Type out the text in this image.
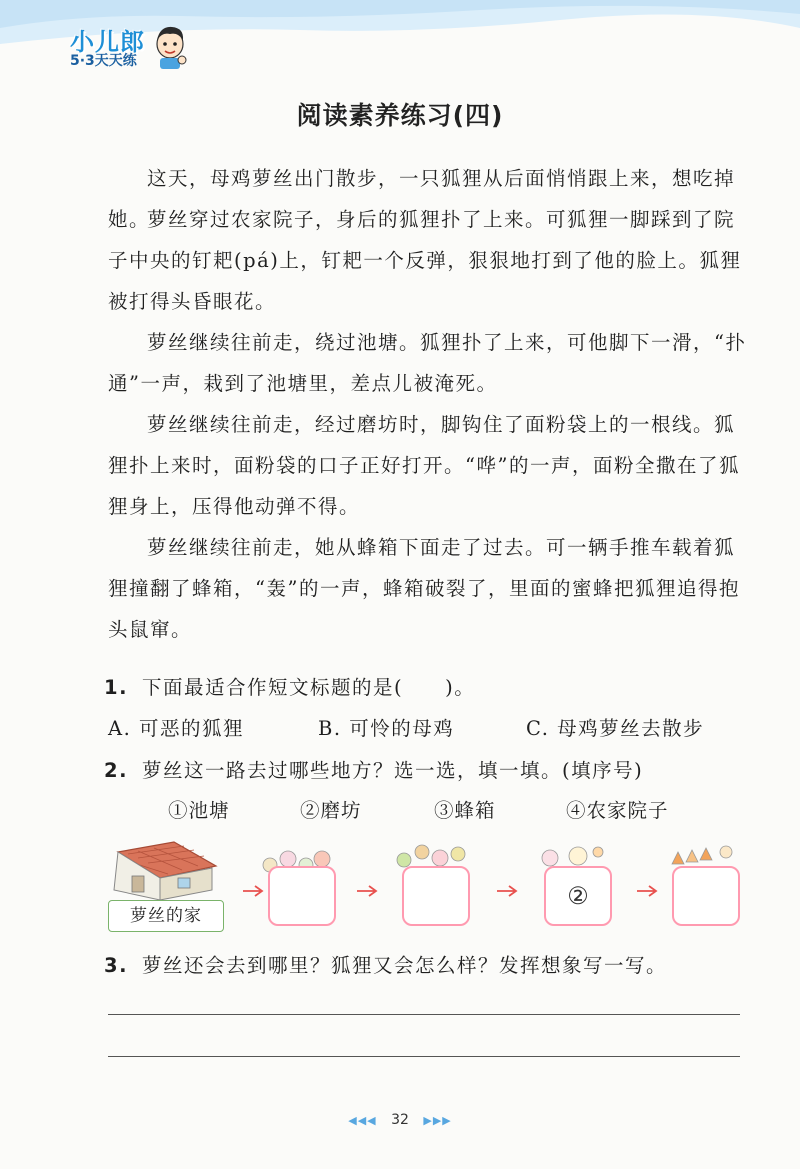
小儿郎
5·3天天练
阅读素养练习(四)

这天，母鸡萝丝出门散步，一只狐狸从后面悄悄跟上来，想吃掉她。

萝丝穿过农家院子，身后的狐狸扑了上来。可狐狸一脚踩到了院子中央的钉耙(pá)上，钉耙一个反弹，狠狠地打到了他的脸上。狐狸被打得头昏眼花。

萝丝继续往前走，绕过池塘。狐狸扑了上来，可他脚下一滑，“扑通”一声，栽到了池塘里，差点儿被淹死。

萝丝继续往前走，经过磨坊时，脚钩住了面粉袋上的一根线。狐狸扑上来时，面粉袋的口子正好打开。“哗”的一声，面粉全撒在了狐狸身上，压得他动弹不得。

萝丝继续往前走，她从蜂箱下面走了过去。可一辆手推车载着狐狸撞翻了蜂箱，“轰”的一声，蜂箱破裂了，里面的蜜蜂把狐狸追得抱头鼠窜。

1. 下面最适合作短文标题的是(　　)。
A. 可恶的狐狸	B. 可怜的母鸡	C. 母鸡萝丝去散步
2. 萝丝这一路去过哪些地方？选一选，填一填。(填序号)
①池塘	②磨坊	③蜂箱	④农家院子
萝丝的家
②
3. 萝丝还会去到哪里？狐狸又会怎么样？发挥想象写一写。
◀◀◀ 32 ▶▶▶
